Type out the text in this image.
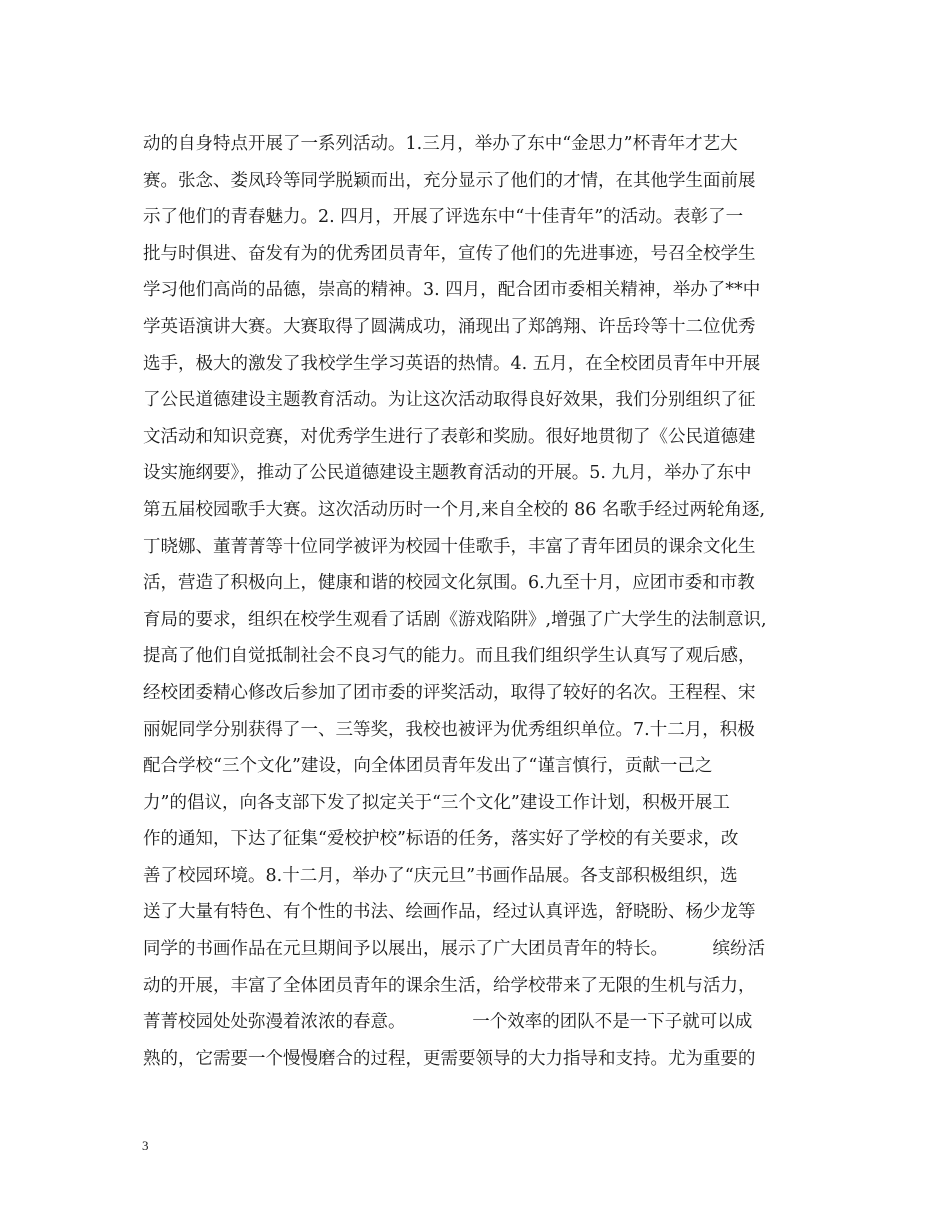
动的自身特点开展了一系列活动。1.三月，举办了东中“金思力”杯青年才艺大
赛。张念、娄凤玲等同学脱颖而出，充分显示了他们的才情，在其他学生面前展
示了他们的青春魅力。2. 四月，开展了评选东中“十佳青年”的活动。表彰了一
批与时俱进、奋发有为的优秀团员青年，宣传了他们的先进事迹，号召全校学生
学习他们高尚的品德，崇高的精神。3. 四月，配合团市委相关精神，举办了**中
学英语演讲大赛。大赛取得了圆满成功，涌现出了郑鸽翔、许岳玲等十二位优秀
选手，极大的激发了我校学生学习英语的热情。4. 五月，在全校团员青年中开展
了公民道德建设主题教育活动。为让这次活动取得良好效果，我们分别组织了征
文活动和知识竞赛，对优秀学生进行了表彰和奖励。很好地贯彻了《公民道德建
设实施纲要》，推动了公民道德建设主题教育活动的开展。5. 九月，举办了东中
第五届校园歌手大赛。这次活动历时一个月,来自全校的 86 名歌手经过两轮角逐,
丁晓娜、董菁菁等十位同学被评为校园十佳歌手，丰富了青年团员的课余文化生
活，营造了积极向上，健康和谐的校园文化氛围。6.九至十月，应团市委和市教
育局的要求，组织在校学生观看了话剧《游戏陷阱》,增强了广大学生的法制意识,
提高了他们自觉抵制社会不良习气的能力。而且我们组织学生认真写了观后感，
经校团委精心修改后参加了团市委的评奖活动，取得了较好的名次。王程程、宋
丽妮同学分别获得了一、三等奖，我校也被评为优秀组织单位。7.十二月，积极
配合学校“三个文化”建设，向全体团员青年发出了“谨言慎行，贡献一己之
力”的倡议，向各支部下发了拟定关于“三个文化”建设工作计划，积极开展工
作的通知，下达了征集“爱校护校”标语的任务，落实好了学校的有关要求，改
善了校园环境。8.十二月，举办了“庆元旦”书画作品展。各支部积极组织，选
送了大量有特色、有个性的书法、绘画作品，经过认真评选，舒晓盼、杨少龙等
同学的书画作品在元旦期间予以展出，展示了广大团员青年的特长。        缤纷活
动的开展，丰富了全体团员青年的课余生活，给学校带来了无限的生机与活力，
菁菁校园处处弥漫着浓浓的春意。            一个效率的团队不是一下子就可以成
熟的，它需要一个慢慢磨合的过程，更需要领导的大力指导和支持。尤为重要的
3
